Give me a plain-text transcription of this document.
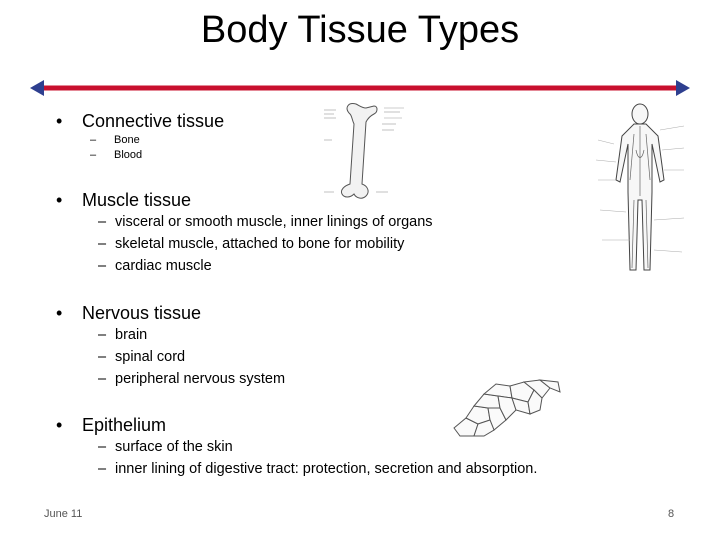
Body Tissue Types
•	Connective tissue
–	Bone
–	Blood
•	Muscle tissue
– visceral or smooth muscle, inner linings of organs
– skeletal muscle, attached to bone for mobility
– cardiac muscle
•	Nervous tissue
– brain
– spinal cord
– peripheral nervous system
•	Epithelium
– surface of the skin
– inner lining of digestive tract: protection, secretion and absorption.
June 11	8
